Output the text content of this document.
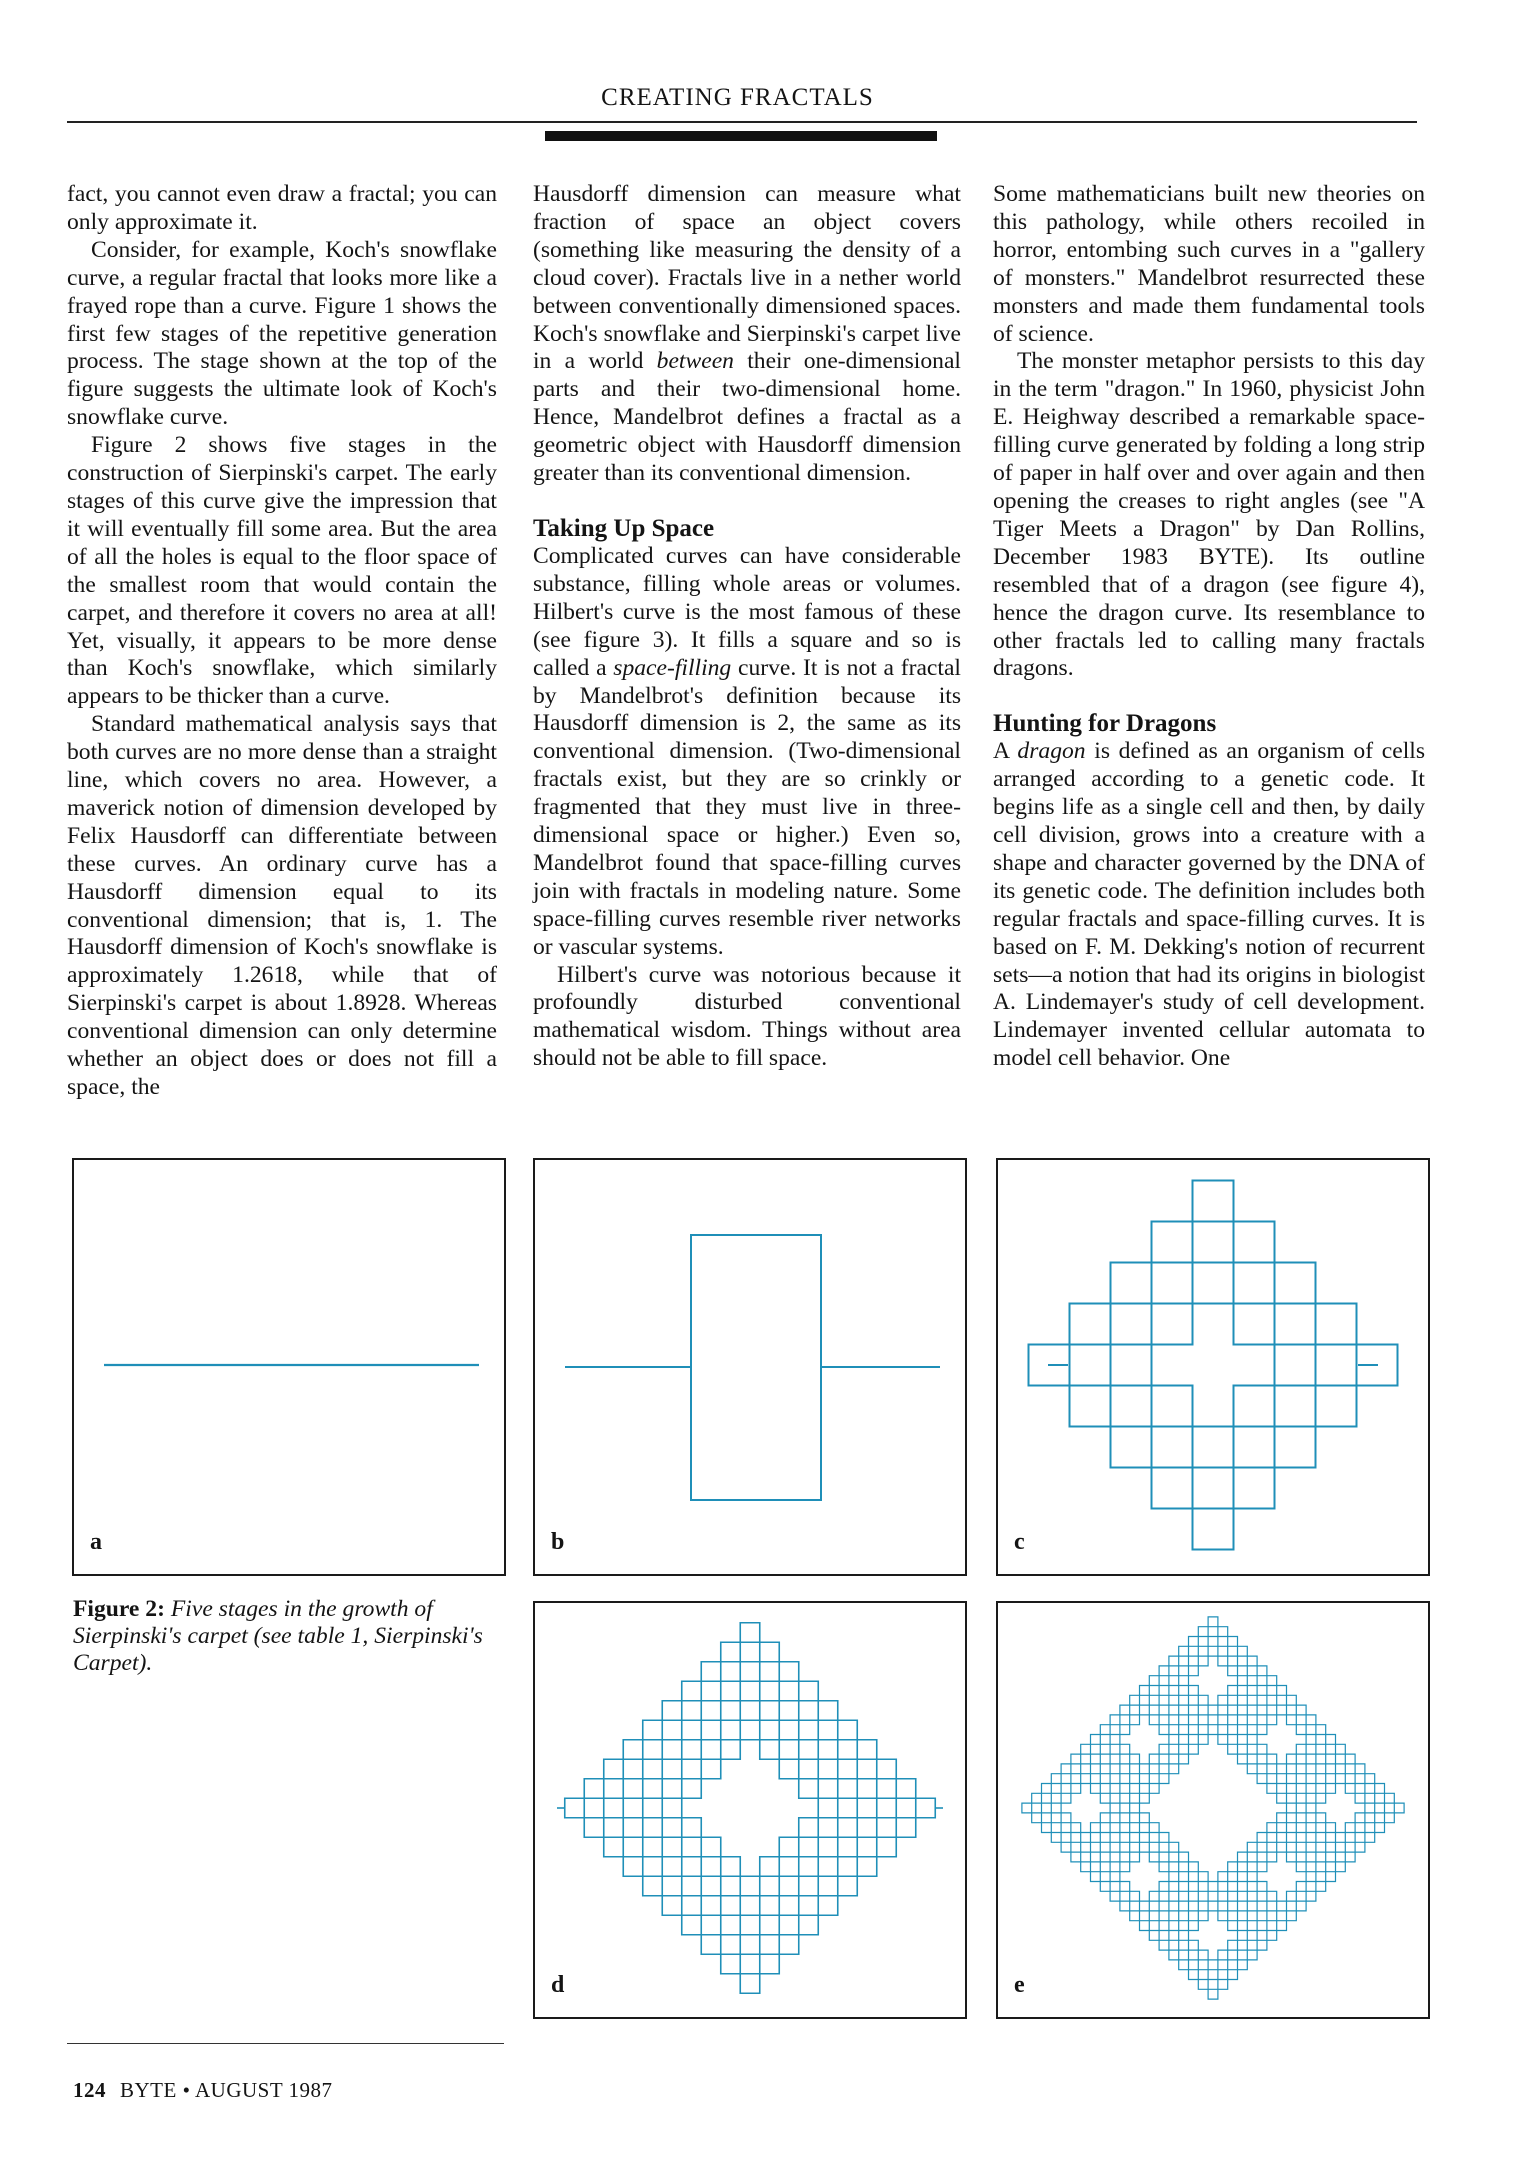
CREATING FRACTALS

fact, you cannot even draw a fractal; you can only approximate it.

Consider, for example, Koch's snowflake curve, a regular fractal that looks more like a frayed rope than a curve. Figure 1 shows the first few stages of the repetitive generation process. The stage shown at the top of the figure suggests the ultimate look of Koch's snowflake curve.

Figure 2 shows five stages in the construction of Sierpinski's carpet. The early stages of this curve give the impression that it will eventually fill some area. But the area of all the holes is equal to the floor space of the smallest room that would contain the carpet, and therefore it covers no area at all! Yet, visually, it appears to be more dense than Koch's snowflake, which similarly appears to be thicker than a curve.

Standard mathematical analysis says that both curves are no more dense than a straight line, which covers no area. However, a maverick notion of dimension developed by Felix Hausdorff can differentiate between these curves. An ordinary curve has a Hausdorff dimension equal to its conventional dimension; that is, 1. The Hausdorff dimension of Koch's snowflake is approximately 1.2618, while that of Sierpinski's carpet is about 1.8928. Whereas conventional dimension can only determine whether an object does or does not fill a space, the

Hausdorff dimension can measure what fraction of space an object covers (something like measuring the density of a cloud cover). Fractals live in a nether world between conventionally dimensioned spaces. Koch's snowflake and Sierpinski's carpet live in a world between their one-dimensional parts and their two-dimensional home. Hence, Mandelbrot defines a fractal as a geometric object with Hausdorff dimension greater than its conventional dimension.

Taking Up Space

Complicated curves can have considerable substance, filling whole areas or volumes. Hilbert's curve is the most famous of these (see figure 3). It fills a square and so is called a space-filling curve. It is not a fractal by Mandelbrot's definition because its Hausdorff dimension is 2, the same as its conventional dimension. (Two-dimensional fractals exist, but they are so crinkly or fragmented that they must live in three-dimensional space or higher.) Even so, Mandelbrot found that space-filling curves join with fractals in modeling nature. Some space-filling curves resemble river networks or vascular systems.

Hilbert's curve was notorious because it profoundly disturbed conventional mathematical wisdom. Things without area should not be able to fill space.

Some mathematicians built new theories on this pathology, while others recoiled in horror, entombing such curves in a "gallery of monsters." Mandelbrot resurrected these monsters and made them fundamental tools of science.

The monster metaphor persists to this day in the term "dragon." In 1960, physicist John E. Heighway described a remarkable space-filling curve generated by folding a long strip of paper in half over and over again and then opening the creases to right angles (see "A Tiger Meets a Dragon" by Dan Rollins, December 1983 BYTE). Its outline resembled that of a dragon (see figure 4), hence the dragon curve. Its resemblance to other fractals led to calling many fractals dragons.

Hunting for Dragons

A dragon is defined as an organism of cells arranged according to a genetic code. It begins life as a single cell and then, by daily cell division, grows into a creature with a shape and character governed by the DNA of its genetic code. The definition includes both regular fractals and space-filling curves. It is based on F. M. Dekking's notion of recurrent sets—a notion that had its origins in biologist A. Lindemayer's study of cell development. Lindemayer invented cellular automata to model cell behavior. One

a	b	c
d	e
Figure 2: Five stages in the growth of Sierpinski's carpet (see table 1, Sierpinski's Carpet).
124 BYTE • AUGUST 1987
